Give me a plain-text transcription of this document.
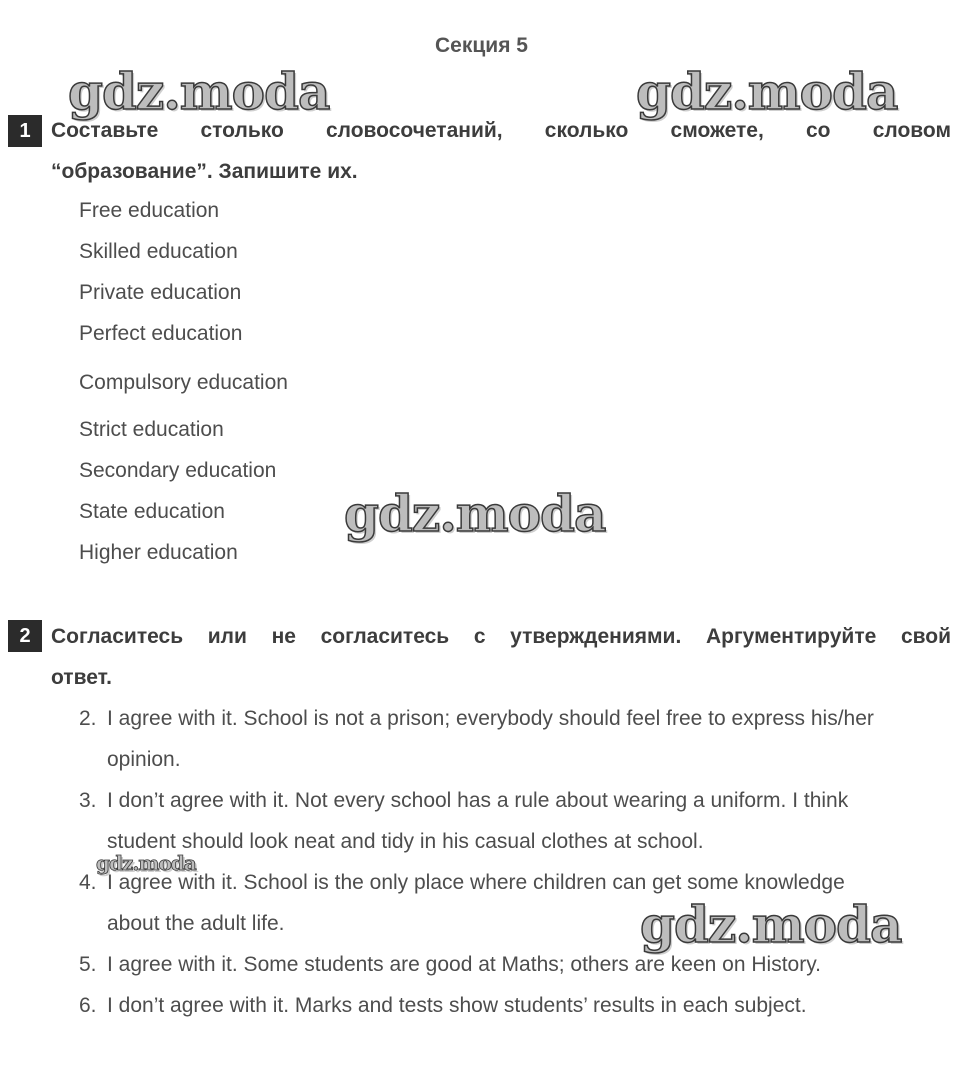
Секция 5
1 Составьте столько словосочетаний, сколько сможете, со словом
“образование”. Запишите их.
Free education
Skilled education
Private education
Perfect education
Compulsory education
Strict education
Secondary education
State education
Higher education
2 Согласитесь или не согласитесь с утверждениями. Аргументируйте свой
ответ.
2. I agree with it. School is not a prison; everybody should feel free to express his/her
opinion.
3. I don’t agree with it. Not every school has a rule about wearing a uniform. I think
student should look neat and tidy in his casual clothes at school.
4. I agree with it. School is the only place where children can get some knowledge
about the adult life.
5. I agree with it. Some students are good at Maths; others are keen on History.
6. I don’t agree with it. Marks and tests show students’ results in each subject.
gdz.moda	gdz.moda
gdz.moda
gdz.moda
gdz.moda
